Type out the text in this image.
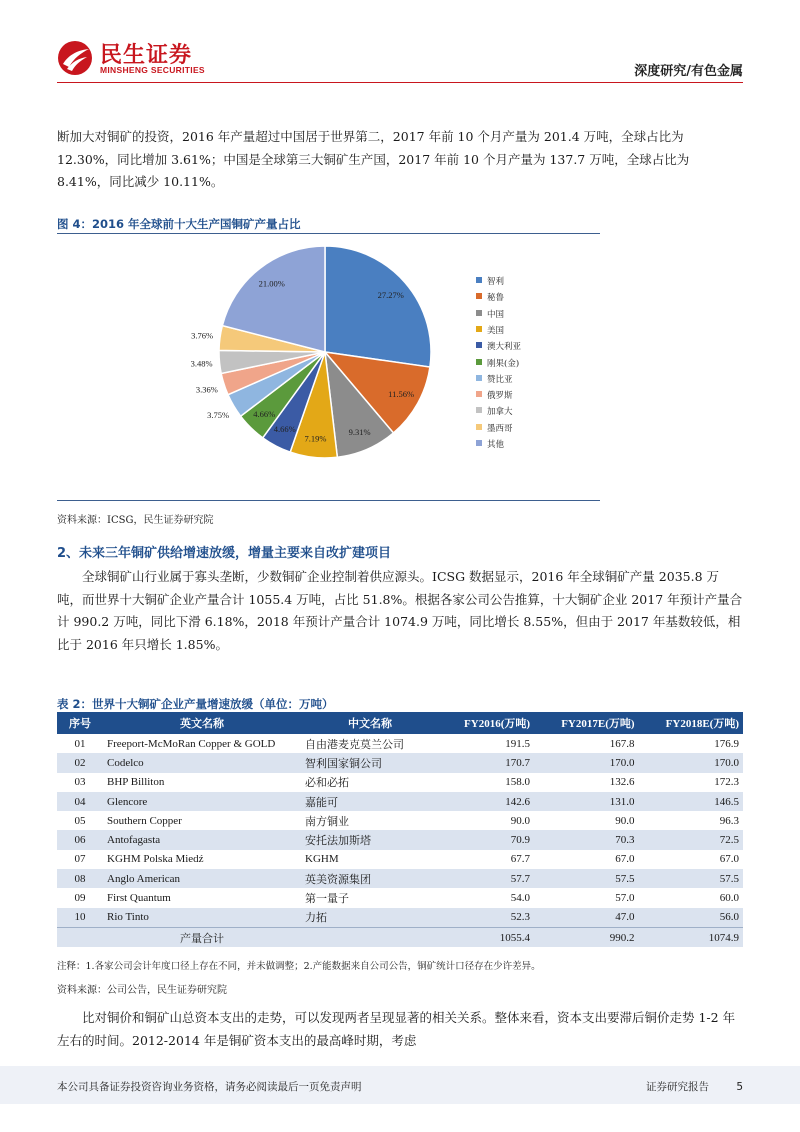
民生证券
MINSHENG SECURITIES	深度研究/有色金属
断加大对铜矿的投资，2016 年产量超过中国居于世界第二，2017 年前 10 个月产量为 201.4 万吨，全球占比为 12.30%，同比增加 3.61%；中国是全球第三大铜矿生产国，2017 年前 10 个月产量为 137.7 万吨，全球占比为 8.41%，同比减少 10.11%。
图 4：2016 年全球前十大生产国铜矿产量占比
27.27%
11.56%
9.31%
7.19%
4.66%
4.66%
3.75%
3.36%
3.48%
3.76%
21.00%	智利
秘鲁
中国
美国
澳大利亚
刚果(金)
赞比亚
俄罗斯
加拿大
墨西哥
其他
资料来源：ICSG，民生证券研究院
2、未来三年铜矿供给增速放缓，增量主要来自改扩建项目
全球铜矿山行业属于寡头垄断，少数铜矿企业控制着供应源头。ICSG 数据显示，2016 年全球铜矿产量 2035.8 万吨，而世界十大铜矿企业产量合计 1055.4 万吨，占比 51.8%。根据各家公司公告推算，十大铜矿企业 2017 年预计产量合计 990.2 万吨，同比下滑 6.18%，2018 年预计产量合计 1074.9 万吨，同比增长 8.55%，但由于 2017 年基数较低，相比于 2016 年只增长 1.85%。
表 2：世界十大铜矿企业产量增速放缓（单位：万吨）
序号	英文名称	中文名称	FY2016(万吨)	FY2017E(万吨)	FY2018E(万吨)
01	Freeport-McMoRan Copper & GOLD	自由港麦克莫兰公司	191.5	167.8	176.9
02	Codelco	智利国家铜公司	170.7	170.0	170.0
03	BHP Billiton	必和必拓	158.0	132.6	172.3
04	Glencore	嘉能可	142.6	131.0	146.5
05	Southern Copper	南方铜业	90.0	90.0	96.3
06	Antofagasta	安托法加斯塔	70.9	70.3	72.5
07	KGHM Polska Miedź	KGHM	67.7	67.0	67.0
08	Anglo American	英美资源集团	57.7	57.5	57.5
09	First Quantum	第一量子	54.0	57.0	60.0
10	Rio Tinto	力拓	52.3	47.0	56.0
	产量合计		1055.4	990.2	1074.9
注释：1.各家公司会计年度口径上存在不同，并未做调整；2.产能数据来自公司公告，铜矿统计口径存在少许差异。
资料来源：公司公告，民生证券研究院
比对铜价和铜矿山总资本支出的走势，可以发现两者呈现显著的相关关系。整体来看，资本支出要滞后铜价走势 1-2 年左右的时间。2012-2014 年是铜矿资本支出的最高峰时期，考虑
本公司具备证券投资咨询业务资格，请务必阅读最后一页免责声明	证券研究报告	5
